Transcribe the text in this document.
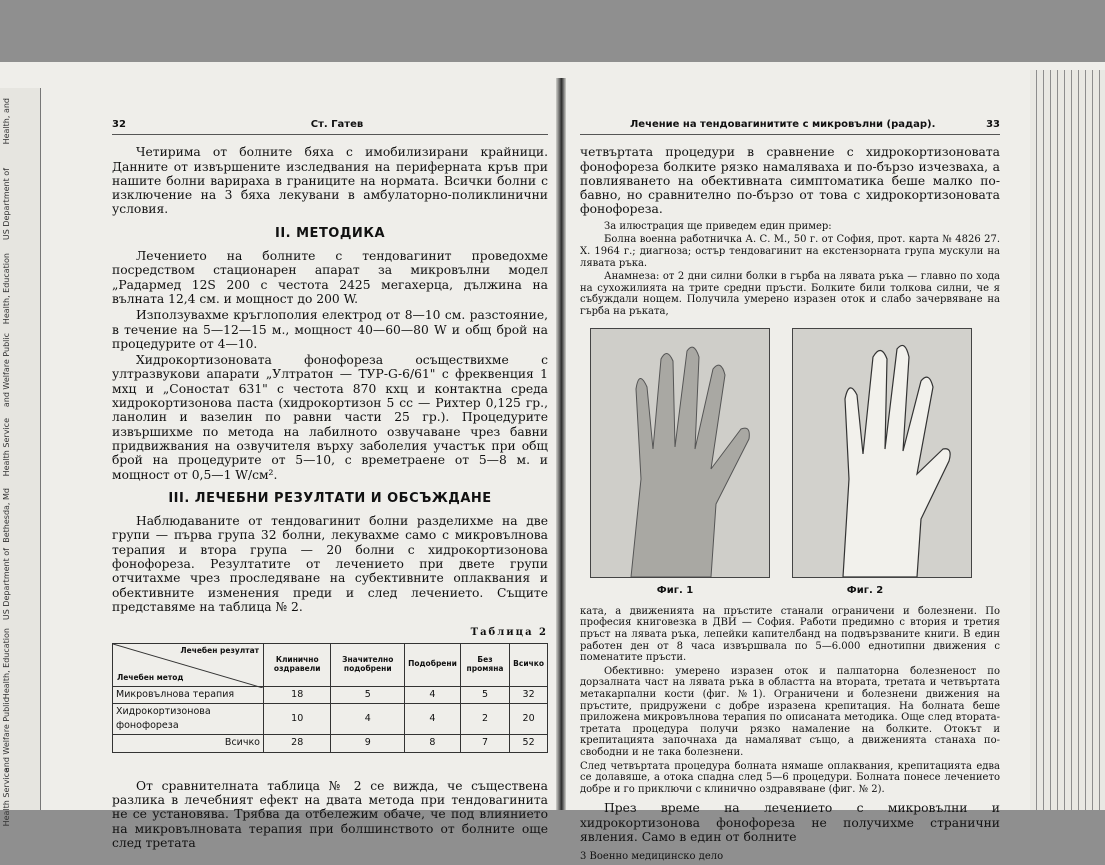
Health, and
US Department of
Health, Education
and Welfare Public
Health Service
Bethesda, Md
US Department of
Health, Education
and Welfare Public
Health Service
32	Ст. Гатев

Четирима от болните бяха с имобилизирани крайници. Данните от извършените изследвания на периферната кръв при нашите болни варираха в границите на нормата. Всички болни с изключение на 3 бяха лекувани в амбулаторно-поликлинични условия.

II. МЕТОДИКА

Лечението на болните с тендовагинит проведохме посредством стационарен апарат за микровълни модел „Радармед 12S 200 с честота 2425 мегахерца, дължина на вълната 12,4 см. и мощност до 200 W.

Използувахме кръглополия електрод от 8—10 см. разстояние, в течение на 5—12—15 м., мощност 40—60—80 W и общ брой на процедурите от 4—10.

Хидрокортизоновата фонофореза осъществихме с ултразвукови апарати „Ултратон — ТУР-G-6/61" с фреквенция 1 мхц и „Соностат 631" с честота 870 кхц и контактна среда хидрокортизонова паста (хидрокортизон 5 cc — Рихтер 0,125 гр., ланолин и вазелин по равни части 25 гр.). Процедурите извършихме по метода на лабилното озвучаване чрез бавни придвижвания на озвучителя върху заболелия участък при общ брой на процедурите от 5—10, с времетраене от 5—8 м. и мощност от 0,5—1 W/cм².

III. ЛЕЧЕБНИ РЕЗУЛТАТИ И ОБСЪЖДАНЕ

Наблюдаваните от тендовагинит болни разделихме на две групи — първа група 32 болни, лекувахме само с микровълнова терапия и втора група — 20 болни с хидрокортизонова фонофореза. Резултатите от лечението при двете групи отчитахме чрез проследяване на субективните оплаквания и обективните изменения преди и след лечението. Същите представяме на таблица № 2.

Таблица 2
Лечебен резултат
Лечебен метод	Клинично оздравели	Значително подобрени	Подобрени	Без промяна	Всичко
Микровълнова терапия	18	5	4	5	32
Хидрокортизонова фонофореза	10	4	4	2	20
Всичко	28	9	8	7	52

От сравнителната таблица № 2 се вижда, че съществена разлика в лечебният ефект на двата метода при тендовагинита не се установява. Трябва да отбележим обаче, че под влиянието на микровълновата терапия при болшинството от болните още след третата

Лечение на тендовагинитите с микровълни (радар).	33

четвъртата процедури в сравнение с хидрокортизоновата фонофореза болките рязко намаляваха и по-бързо изчезваха, а повлияването на обективната симптоматика беше малко по-бавно, но сравнително по-бързо от това с хидрокортизоновата фонофореза.

За илюстрация ще приведем един пример:

Болна военна работничка А. С. М., 50 г. от София, прот. карта № 4826 27. X. 1964 г.; диагноза; остър тендовагинит на екстензорната група мускули на лявата ръка.

Анамнеза: от 2 дни силни болки в гърба на лявата ръка — главно по хода на сухожилията на трите средни пръсти. Болките били толкова силни, че я събуждали нощем. Получила умерено изразен оток и слабо зачервяване на гърба на ръката,

Фиг. 1	Фиг. 2

ката, а движенията на пръстите станали ограничени и болезнени. По професия книговезка в ДВИ — София. Работи предимно с втория и третия пръст на лявата ръка, лепейки капителбанд на подвързваните книги. В един работен ден от 8 часа извършвала по 5—6.000 еднотипни движения с поменатите пръсти.

Обективно: умерено изразен оток и палпаторна болезненост по дорзалната част на лявата ръка в областта на втората, третата и четвъртата метакарпални кости (фиг. №1). Ограничени и болезнени движения на пръстите, придружени с добре изразена крепитация. На болната беше приложена микровълнова терапия по описаната методика. Още след втората-третата процедура получи рязко намаление на болките. Отокът и крепитацията започнаха да намаляват също, а движенията станаха по-свободни и не така болезнени.

След четвъртата процедура болната нямаше оплаквания, крепитацията едва се долавяше, а отока спадна след 5—6 процедури. Болната понесе лечението добре и го приключи с клинично оздравяване (фиг. № 2).

През време на лечението с микровълни и хидрокортизонова фонофореза не получихме странични явления. Само в един от болните

3 Военно медицинско дело
